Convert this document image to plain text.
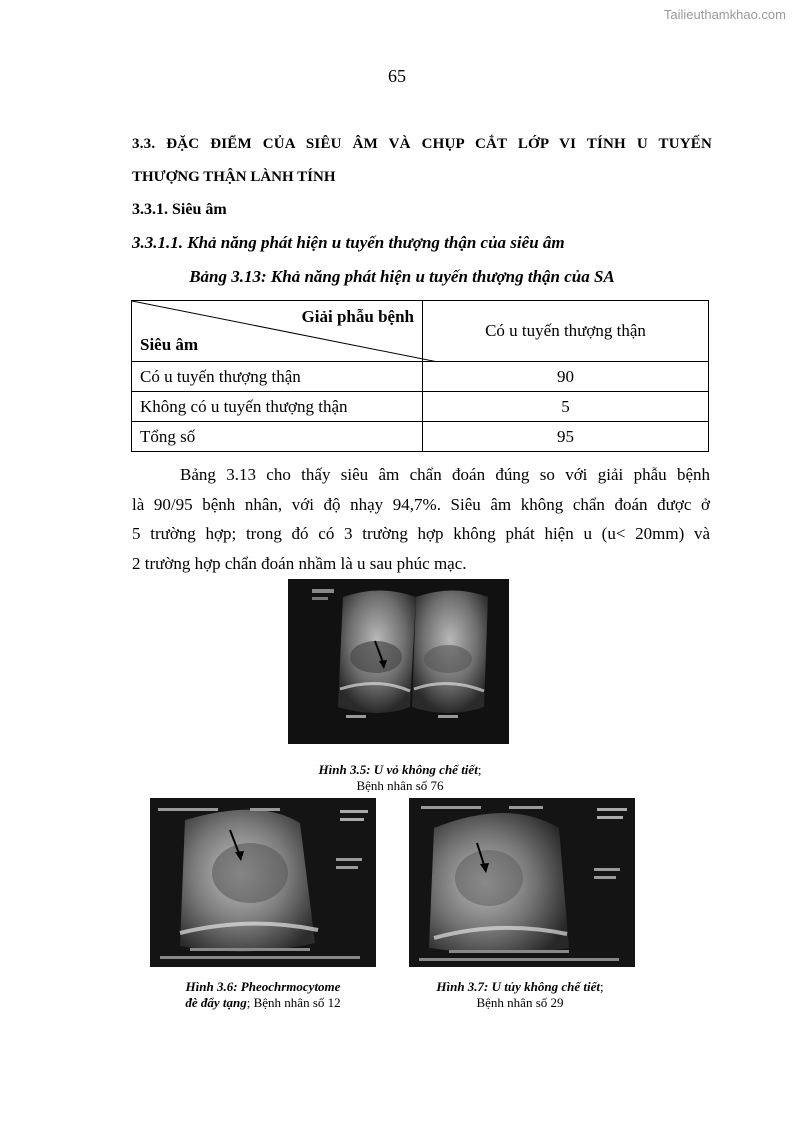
Tailieuthamkhao.com
65
3.3. ĐẶC ĐIỂM CỦA SIÊU ÂM VÀ CHỤP CẮT LỚP VI TÍNH U TUYẾN
THƯỢNG THẬN LÀNH TÍNH
3.3.1. Siêu âm
3.3.1.1. Khả năng phát hiện u tuyến thượng thận của siêu âm
Bảng 3.13: Khả năng phát hiện u tuyến thượng thận của SA
Giải phẫu bệnh
Siêu âm	Có u tuyến thượng thận
Có u tuyến thượng thận	90
Không có u tuyến thượng thận	5
Tổng số	95
Bảng 3.13 cho thấy siêu âm chẩn đoán đúng so với giải phẫu bệnh
là 90/95 bệnh nhân, với độ nhạy 94,7%. Siêu âm không chẩn đoán được ở
5 trường hợp; trong đó có 3 trường hợp không phát hiện u (u< 20mm) và
2 trường hợp chẩn đoán nhầm là u sau phúc mạc.
Hình 3.5: U vỏ không chế tiết;
Bệnh nhân số 76
Hình 3.6: Pheochrmocytome
đè đẩy tạng; Bệnh nhân số 12
Hình 3.7: U tủy không chế tiết;
Bệnh nhân số 29
